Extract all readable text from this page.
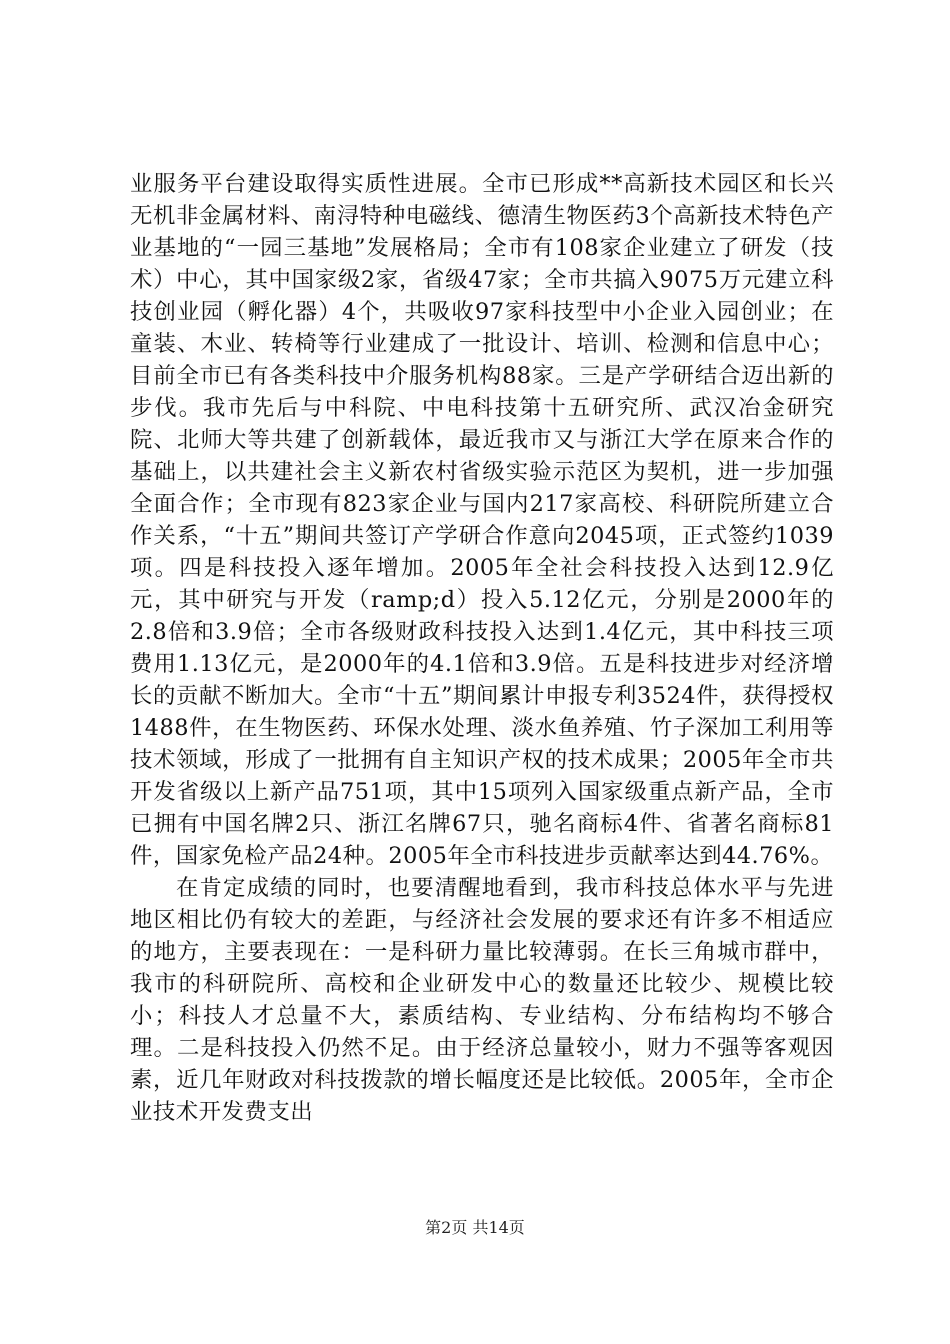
业服务平台建设取得实质性进展。全市已形成**高新技术园区和长兴无机非金属材料、南浔特种电磁线、德清生物医药3个高新技术特色产业基地的“一园三基地”发展格局；全市有108家企业建立了研发（技术）中心，其中国家级2家，省级47家；全市共搞入9075万元建立科技创业园（孵化器）4个，共吸收97家科技型中小企业入园创业；在童装、木业、转椅等行业建成了一批设计、培训、检测和信息中心；目前全市已有各类科技中介服务机构88家。三是产学研结合迈出新的步伐。我市先后与中科院、中电科技第十五研究所、武汉冶金研究院、北师大等共建了创新载体，最近我市又与浙江大学在原来合作的基础上，以共建社会主义新农村省级实验示范区为契机，进一步加强全面合作；全市现有823家企业与国内217家高校、科研院所建立合作关系，“十五”期间共签订产学研合作意向2045项，正式签约1039项。四是科技投入逐年增加。2005年全社会科技投入达到12.9亿元，其中研究与开发（ramp;d）投入5.12亿元，分别是2000年的2.8倍和3.9倍；全市各级财政科技投入达到1.4亿元，其中科技三项费用1.13亿元，是2000年的4.1倍和3.9倍。五是科技进步对经济增长的贡献不断加大。全市“十五”期间累计申报专利3524件，获得授权1488件，在生物医药、环保水处理、淡水鱼养殖、竹子深加工利用等技术领域，形成了一批拥有自主知识产权的技术成果；2005年全市共开发省级以上新产品751项，其中15项列入国家级重点新产品，全市已拥有中国名牌2只、浙江名牌67只，驰名商标4件、省著名商标81件，国家免检产品24种。2005年全市科技进步贡献率达到44.76%。

在肯定成绩的同时，也要清醒地看到，我市科技总体水平与先进地区相比仍有较大的差距，与经济社会发展的要求还有许多不相适应的地方，主要表现在：一是科研力量比较薄弱。在长三角城市群中，我市的科研院所、高校和企业研发中心的数量还比较少、规模比较小；科技人才总量不大，素质结构、专业结构、分布结构均不够合理。二是科技投入仍然不足。由于经济总量较小，财力不强等客观因素，近几年财政对科技拨款的增长幅度还是比较低。2005年，全市企业技术开发费支出

第2页 共14页
